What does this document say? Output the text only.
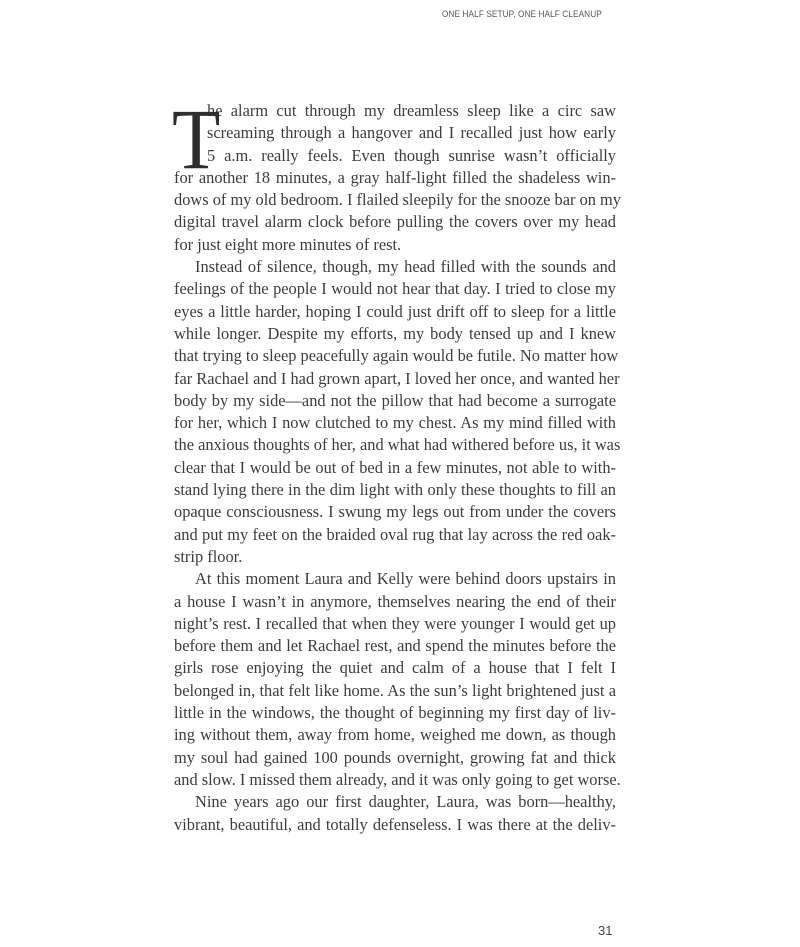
ONE HALF SETUP, ONE HALF CLEANUP
T
he alarm cut through my dreamless sleep like a circ saw
screaming through a hangover and I recalled just how early
5 a.m. really feels. Even though sunrise wasn’t officially
for another 18 minutes, a gray half-light filled the shadeless win-
dows of my old bedroom. I flailed sleepily for the snooze bar on my
digital travel alarm clock before pulling the covers over my head
for just eight more minutes of rest.
Instead of silence, though, my head filled with the sounds and
feelings of the people I would not hear that day. I tried to close my
eyes a little harder, hoping I could just drift off to sleep for a little
while longer. Despite my efforts, my body tensed up and I knew
that trying to sleep peacefully again would be futile. No matter how
far Rachael and I had grown apart, I loved her once, and wanted her
body by my side—and not the pillow that had become a surrogate
for her, which I now clutched to my chest. As my mind filled with
the anxious thoughts of her, and what had withered before us, it was
clear that I would be out of bed in a few minutes, not able to with-
stand lying there in the dim light with only these thoughts to fill an
opaque consciousness. I swung my legs out from under the covers
and put my feet on the braided oval rug that lay across the red oak-
strip floor.
At this moment Laura and Kelly were behind doors upstairs in
a house I wasn’t in anymore, themselves nearing the end of their
night’s rest. I recalled that when they were younger I would get up
before them and let Rachael rest, and spend the minutes before the
girls rose enjoying the quiet and calm of a house that I felt I
belonged in, that felt like home. As the sun’s light brightened just a
little in the windows, the thought of beginning my first day of liv-
ing without them, away from home, weighed me down, as though
my soul had gained 100 pounds overnight, growing fat and thick
and slow. I missed them already, and it was only going to get worse.
Nine years ago our first daughter, Laura, was born—healthy,
vibrant, beautiful, and totally defenseless. I was there at the deliv-
31
